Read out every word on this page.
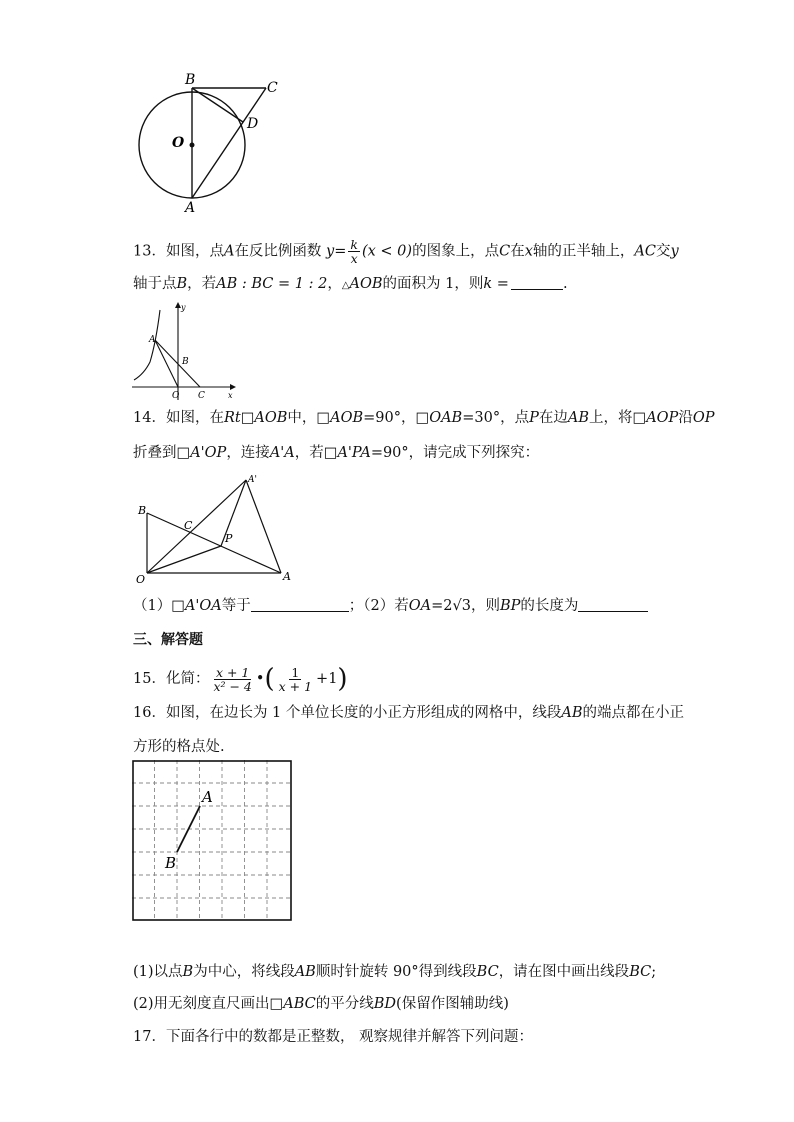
B	C
D
O
A
13．如图，点A在反比例函数 $y= \frac{k}{x} (x < 0)$的图象上，点C在x轴的正半轴上，AC交y
轴于点B，若AB : BC = 1 : 2，△AOB的面积为 1，则k =	.
y
A
B
O C	x
14．如图，在Rt□AOB中，□AOB=90°，□OAB=30°，点P在边AB上，将□AOP沿OP
折叠到□A'OP，连接A'A，若□A'PA=90°，请完成下列探究：
A'
B
C
P
O	A
（1）□A'OA等于	；（2）若OA=2√3，则BP的长度为
三、解答题
15．化简： $\frac{x + 1}{\text{x² − 4}}$ •( $\frac{1}{x + 1} +1$)
16．如图，在边长为 1 个单位长度的小正方形组成的网格中，线段AB的端点都在小正
方形的格点处.
A
B
(1)以点B为中心，将线段AB顺时针旋转 90°得到线段BC，请在图中画出线段BC;
(2)用无刻度直尺画出□ABC的平分线BD(保留作图辅助线)
17．下面各行中的数都是正整数， 观察规律并解答下列问题：
